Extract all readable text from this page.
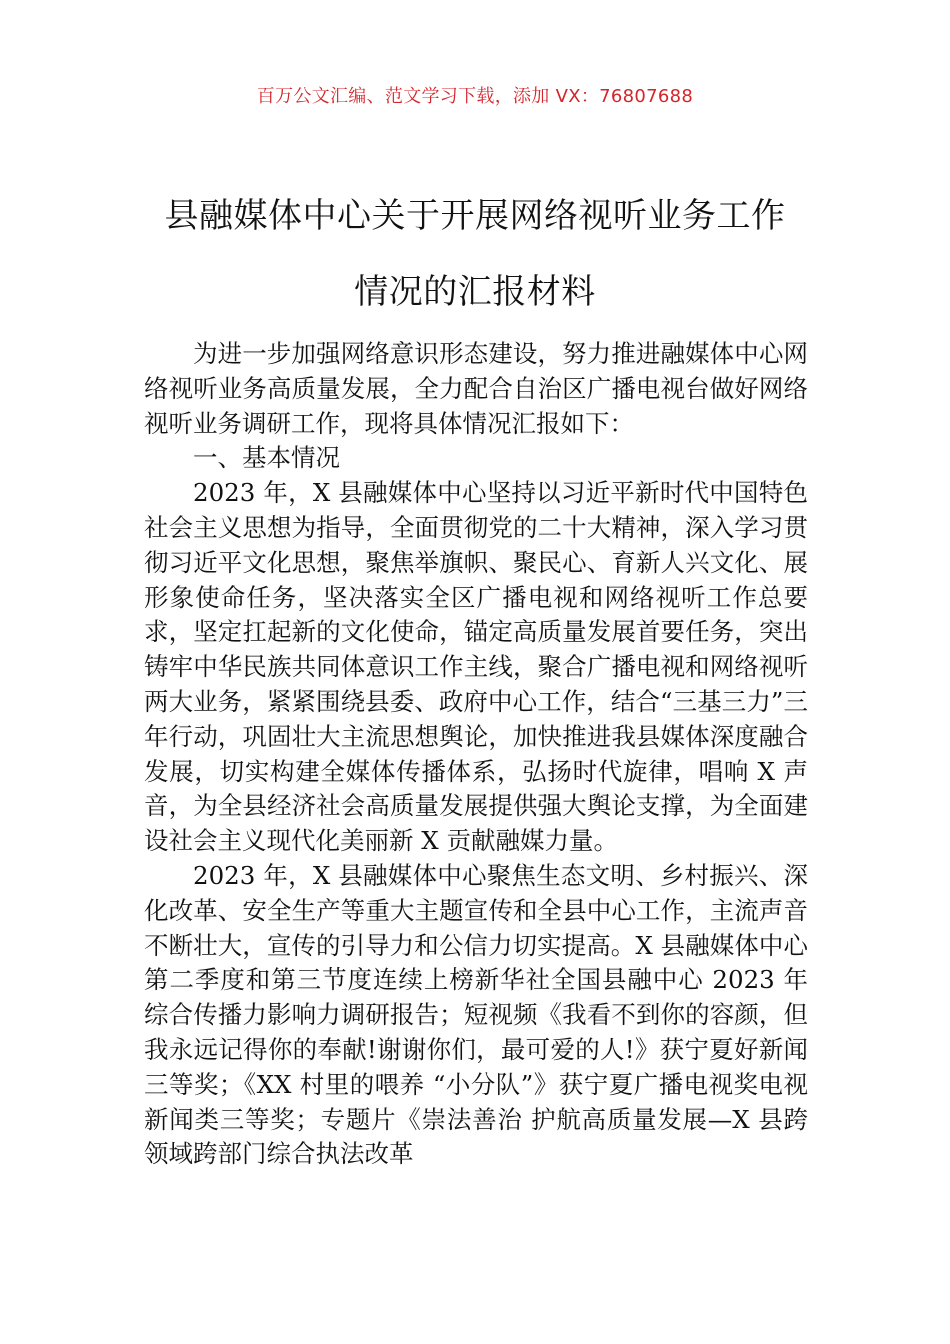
百万公文汇编、范文学习下载，添加 VX：76807688
县融媒体中心关于开展网络视听业务工作
情况的汇报材料

为进一步加强网络意识形态建设，努力推进融媒体中心网络视听业务高质量发展，全力配合自治区广播电视台做好网络视听业务调研工作，现将具体情况汇报如下：

一、基本情况

2023 年，X 县融媒体中心坚持以习近平新时代中国特色社会主义思想为指导，全面贯彻党的二十大精神，深入学习贯彻习近平文化思想，聚焦举旗帜、聚民心、育新人兴文化、展形象使命任务，坚决落实全区广播电视和网络视听工作总要求，坚定扛起新的文化使命，锚定高质量发展首要任务，突出铸牢中华民族共同体意识工作主线，聚合广播电视和网络视听两大业务，紧紧围绕县委、政府中心工作，结合“三基三力”三年行动，巩固壮大主流思想舆论，加快推进我县媒体深度融合发展，切实构建全媒体传播体系，弘扬时代旋律，唱响 X 声音，为全县经济社会高质量发展提供强大舆论支撑，为全面建设社会主义现代化美丽新 X 贡献融媒力量。

2023 年，X 县融媒体中心聚焦生态文明、乡村振兴、深化改革、安全生产等重大主题宣传和全县中心工作，主流声音不断壮大，宣传的引导力和公信力切实提高。X 县融媒体中心第二季度和第三节度连续上榜新华社全国县融中心 2023 年综合传播力影响力调研报告；短视频《我看不到你的容颜，但我永远记得你的奉献!谢谢你们，最可爱的人!》获宁夏好新闻三等奖；《XX 村里的喂养 “小分队”》获宁夏广播电视奖电视新闻类三等奖；专题片《崇法善治 护航高质量发展—X 县跨领域跨部门综合执法改革
